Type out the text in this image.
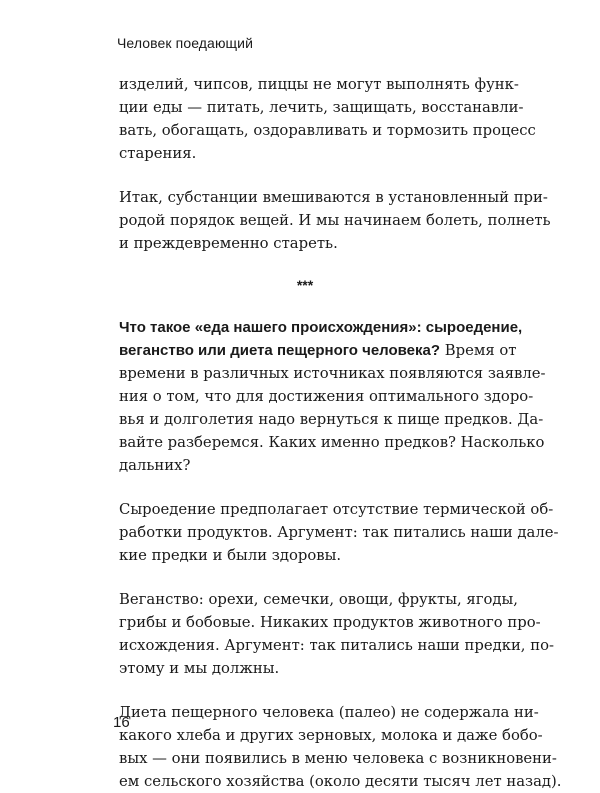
Человек поедающий
изделий, чипсов, пиццы не могут выполнять функ-
ции еды — питать, лечить, защищать, восстанавли-
вать, обогащать, оздоравливать и тормозить процесс
старения.
Итак, субстанции вмешиваются в установленный при-
родой порядок вещей. И мы начинаем болеть, полнеть
и преждевременно стареть.
***
Что такое «еда нашего происхождения»: сыроедение,
веганство или диета пещерного человека? Время от
времени в различных источниках появляются заявле-
ния о том, что для достижения оптимального здоро-
вья и долголетия надо вернуться к пище предков. Да-
вайте разберемся. Каких именно предков? Насколько
дальних?
Сыроедение предполагает отсутствие термической об-
работки продуктов. Аргумент: так питались наши дале-
кие предки и были здоровы.
Веганство: орехи, семечки, овощи, фрукты, ягоды,
грибы и бобовые. Никаких продуктов животного про-
исхождения. Аргумент: так питались наши предки, по-
этому и мы должны.
Диета пещерного человека (палео) не содержала ни-
какого хлеба и других зерновых, молока и даже бобо-
вых — они появились в меню человека с возникновени-
ем сельского хозяйства (около десяти тысяч лет назад).
16
